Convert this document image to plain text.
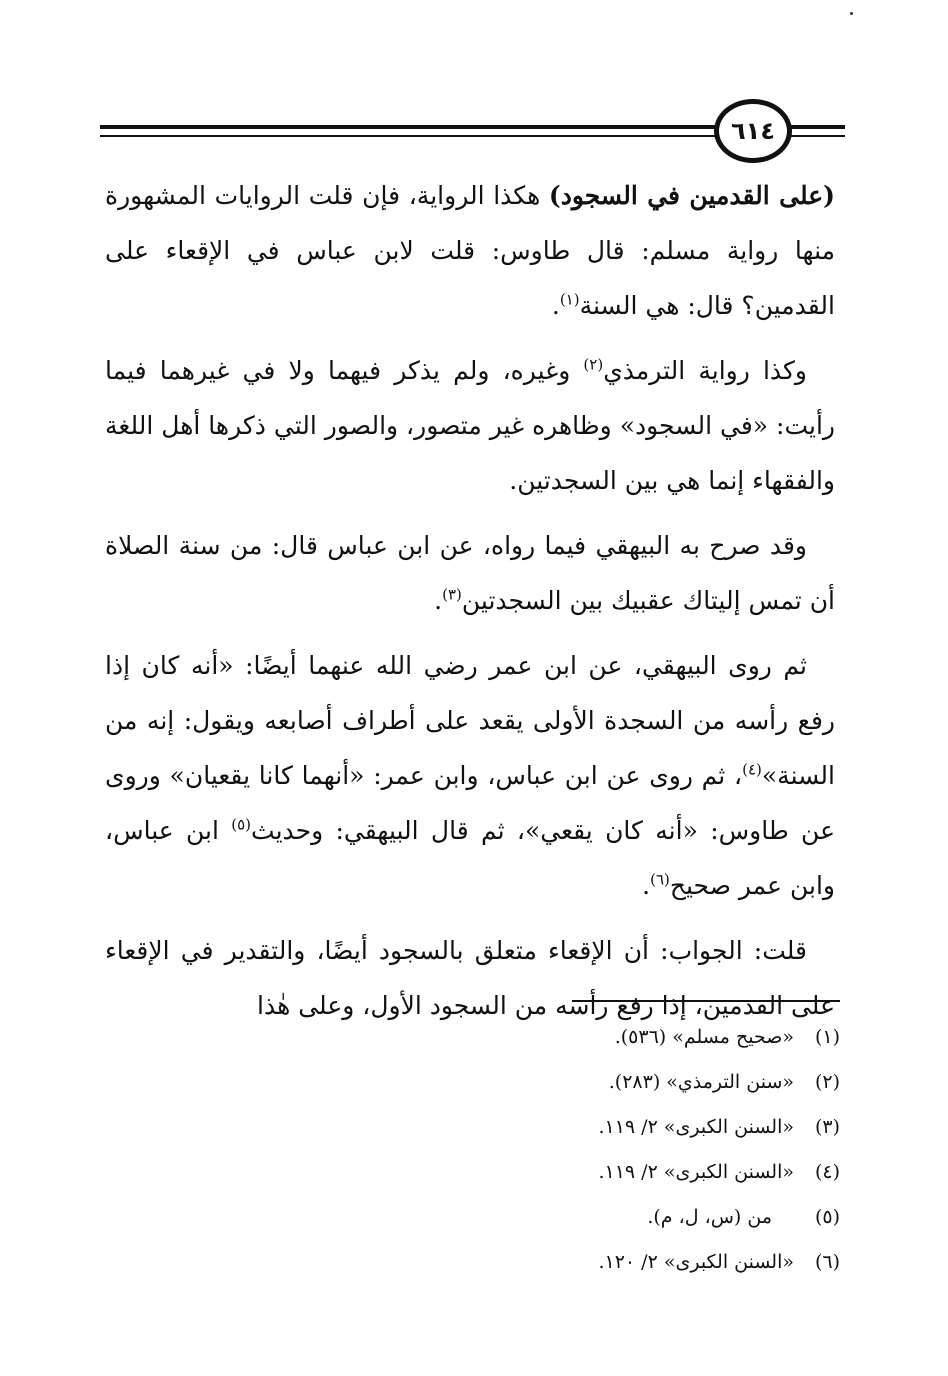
٦١٤

(على القدمين في السجود) هكذا الرواية، فإن قلت الروايات المشهورة منها رواية مسلم: قال طاوس: قلت لابن عباس في الإقعاء على القدمين؟ قال: هي السنة$^{(١)}$.

وكذا رواية الترمذي$^{(٢)}$ وغيره، ولم يذكر فيهما ولا في غيرهما فيما رأيت: «في السجود» وظاهره غير متصور، والصور التي ذكرها أهل اللغة والفقهاء إنما هي بين السجدتين.

وقد صرح به البيهقي فيما رواه، عن ابن عباس قال: من سنة الصلاة أن تمس إليتاك عقبيك بين السجدتين$^{(٣)}$.

ثم روى البيهقي، عن ابن عمر رضي الله عنهما أيضًا: «أنه كان إذا رفع رأسه من السجدة الأولى يقعد على أطراف أصابعه ويقول: إنه من السنة»$^{(٤)}$، ثم روى عن ابن عباس، وابن عمر: «أنهما كانا يقعيان» وروى عن طاوس: «أنه كان يقعي»، ثم قال البيهقي: وحديث$^{(٥)}$ ابن عباس، وابن عمر صحيح$^{(٦)}$.

قلت: الجواب: أن الإقعاء متعلق بالسجود أيضًا، والتقدير في الإقعاء على القدمين، إذا رفع رأسه من السجود الأول، وعلى هٰذا

(١)«صحيح مسلم» (٥٣٦).
(٢)«سنن الترمذي» (٢٨٣).
(٣)«السنن الكبرى» ٢/ ١١٩.
(٤)«السنن الكبرى» ٢/ ١١٩.
(٥)من (س، ل، م).
(٦)«السنن الكبرى» ٢/ ١٢٠.
